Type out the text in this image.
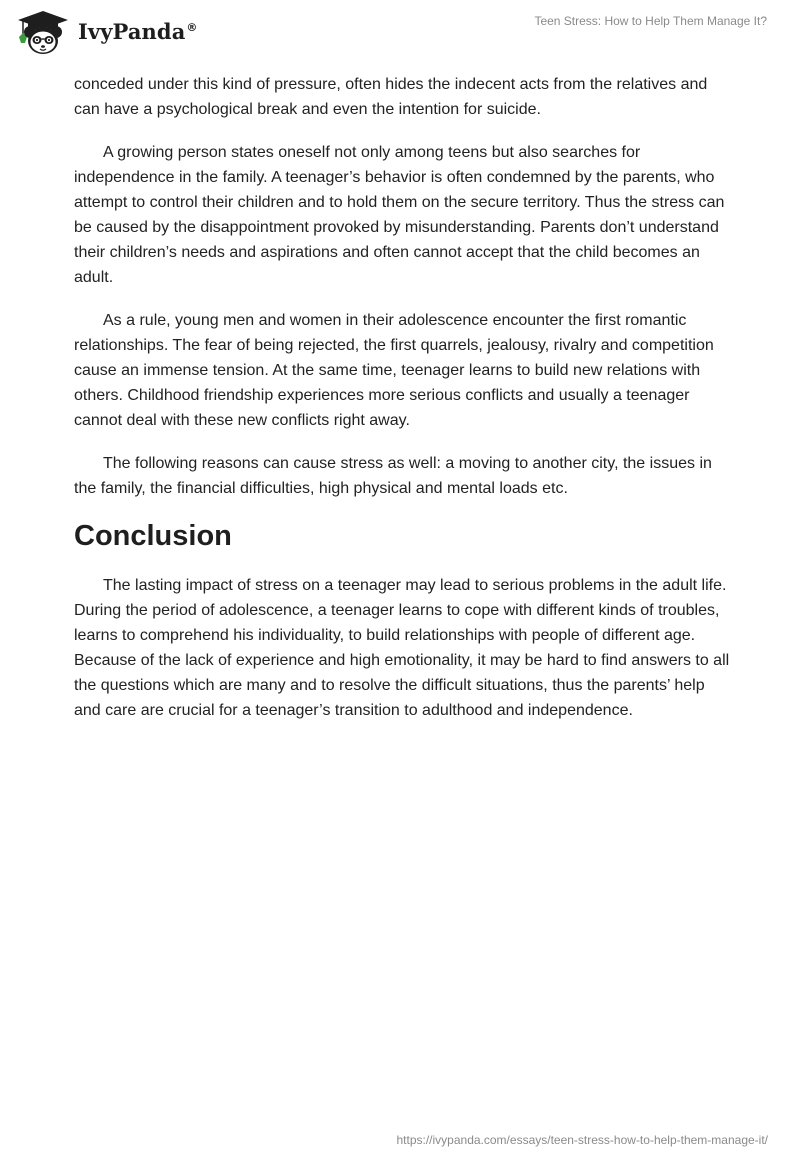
IvyPanda®	Teen Stress: How to Help Them Manage It?

conceded under this kind of pressure, often hides the indecent acts from the relatives and can have a psychological break and even the intention for suicide.

A growing person states oneself not only among teens but also searches for independence in the family. A teenager’s behavior is often condemned by the parents, who attempt to control their children and to hold them on the secure territory. Thus the stress can be caused by the disappointment provoked by misunderstanding. Parents don’t understand their children’s needs and aspirations and often cannot accept that the child becomes an adult.

As a rule, young men and women in their adolescence encounter the first romantic relationships. The fear of being rejected, the first quarrels, jealousy, rivalry and competition cause an immense tension. At the same time, teenager learns to build new relations with others. Childhood friendship experiences more serious conflicts and usually a teenager cannot deal with these new conflicts right away.

The following reasons can cause stress as well: a moving to another city, the issues in the family, the financial difficulties, high physical and mental loads etc.

Conclusion

The lasting impact of stress on a teenager may lead to serious problems in the adult life. During the period of adolescence, a teenager learns to cope with different kinds of troubles, learns to comprehend his individuality, to build relationships with people of different age. Because of the lack of experience and high emotionality, it may be hard to find answers to all the questions which are many and to resolve the difficult situations, thus the parents’ help and care are crucial for a teenager’s transition to adulthood and independence.

https://ivypanda.com/essays/teen-stress-how-to-help-them-manage-it/
